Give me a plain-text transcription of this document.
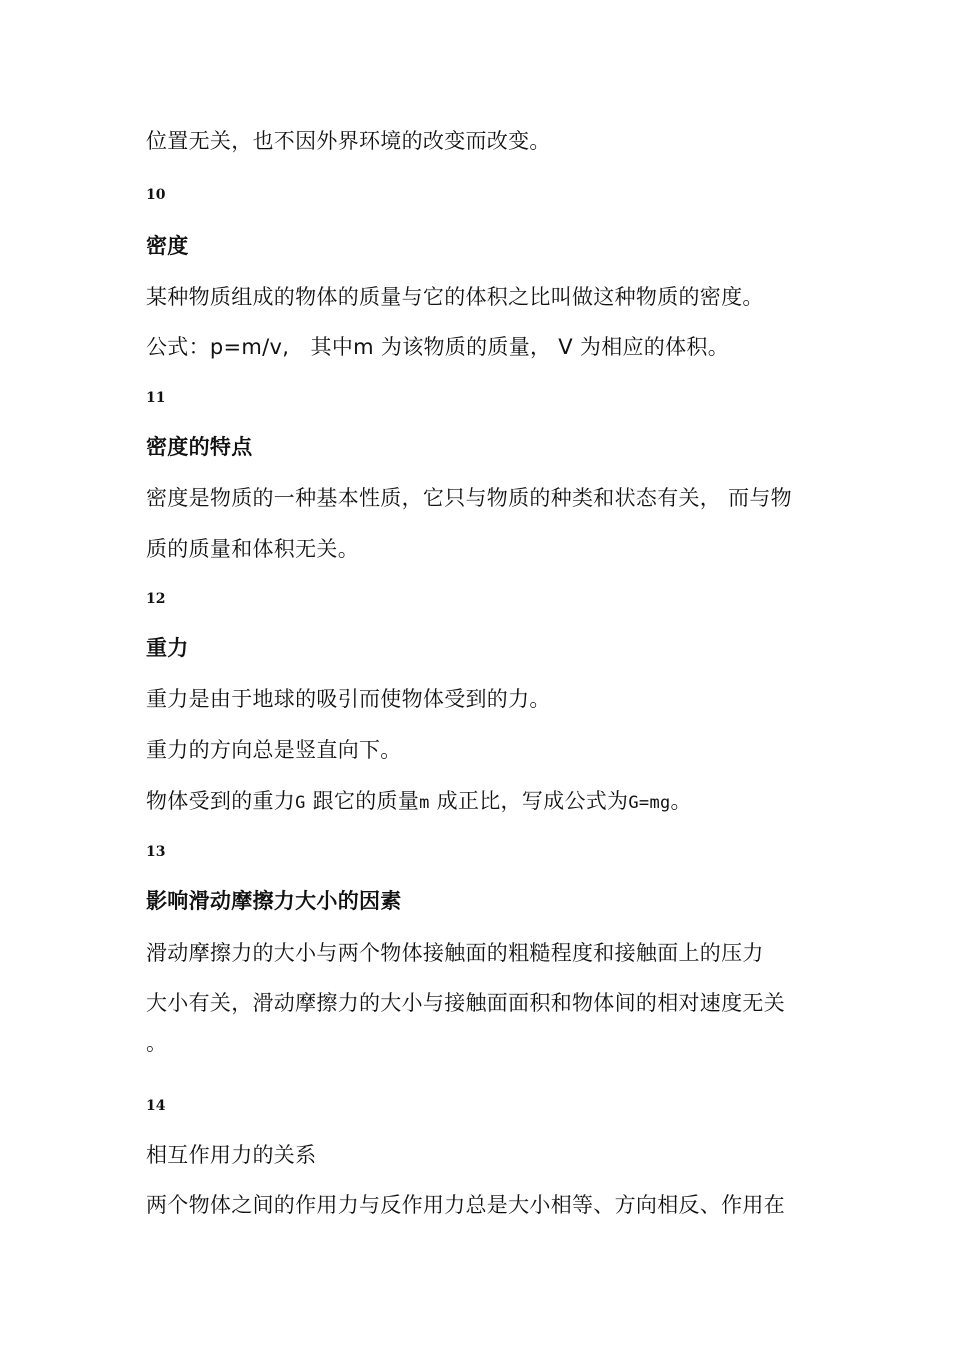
位置无关，也不因外界环境的改变而改变。
10
密度
某种物质组成的物体的质量与它的体积之比叫做这种物质的密度。
公式：p=m/v,　其中m 为该物质的质量， V 为相应的体积。
11
密度的特点
密度是物质的一种基本性质，它只与物质的种类和状态有关， 而与物
质的质量和体积无关。
12
重力
重力是由于地球的吸引而使物体受到的力。
重力的方向总是竖直向下。
物体受到的重力G 跟它的质量m 成正比，写成公式为G=mg。
13
影响滑动摩擦力大小的因素
滑动摩擦力的大小与两个物体接触面的粗糙程度和接触面上的压力
大小有关，滑动摩擦力的大小与接触面面积和物体间的相对速度无关
。
14
相互作用力的关系
两个物体之间的作用力与反作用力总是大小相等、方向相反、作用在
